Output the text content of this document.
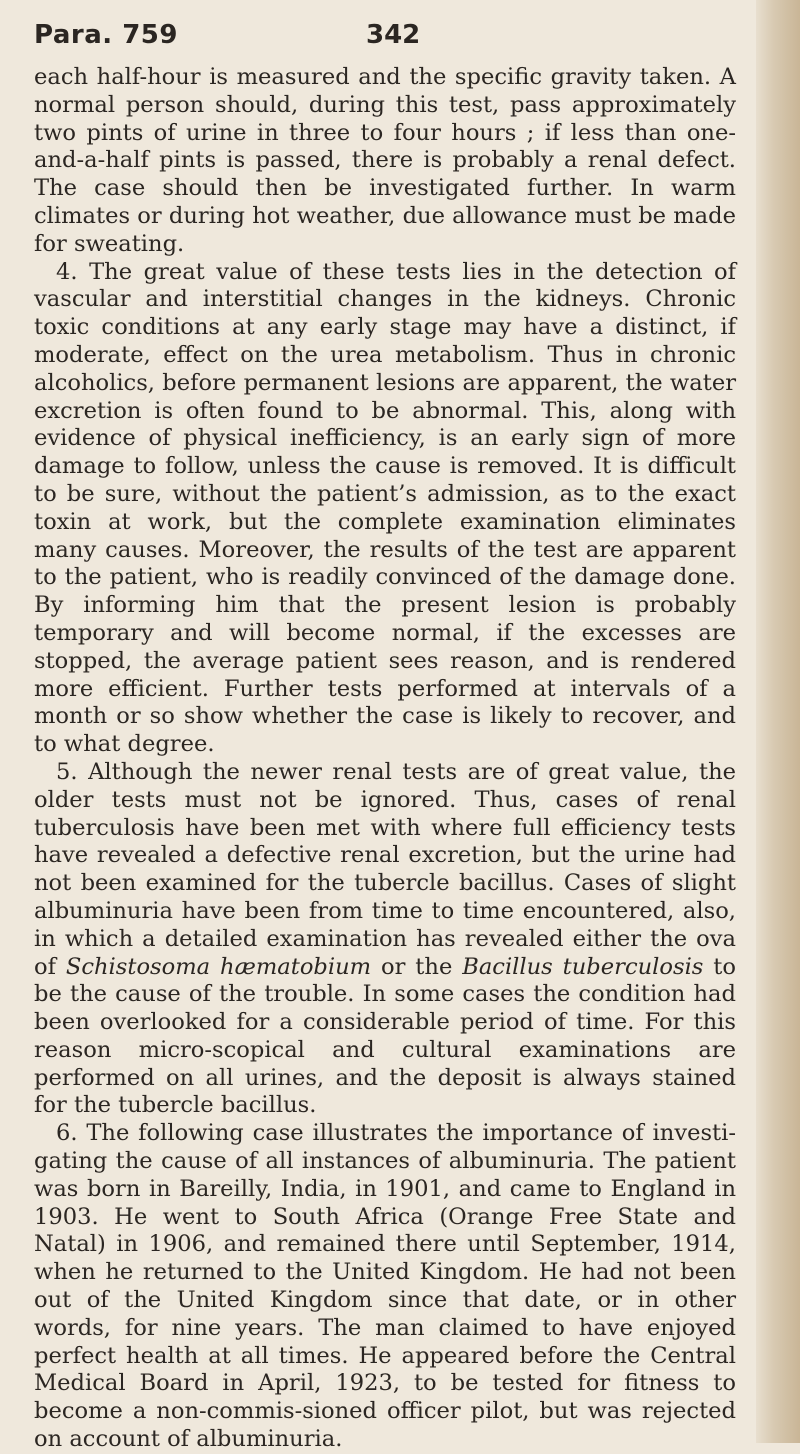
Para. 759	342

each half-hour is measured and the specific gravity taken. A normal person should, during this test, pass approximately two pints of urine in three to four hours ; if less than one-and-a-half pints is passed, there is probably a renal defect. The case should then be investigated further. In warm climates or during hot weather, due allowance must be made for sweating.

4. The great value of these tests lies in the detection of vascular and interstitial changes in the kidneys. Chronic toxic conditions at any early stage may have a distinct, if moderate, effect on the urea metabolism. Thus in chronic alcoholics, before permanent lesions are apparent, the water excretion is often found to be abnormal. This, along with evidence of physical inefficiency, is an early sign of more damage to follow, unless the cause is removed. It is difficult to be sure, without the patient’s admission, as to the exact toxin at work, but the complete examination eliminates many causes. Moreover, the results of the test are apparent to the patient, who is readily convinced of the damage done. By informing him that the present lesion is probably temporary and will become normal, if the excesses are stopped, the average patient sees reason, and is rendered more efficient. Further tests performed at intervals of a month or so show whether the case is likely to recover, and to what degree.

5. Although the newer renal tests are of great value, the older tests must not be ignored. Thus, cases of renal tuberculosis have been met with where full efficiency tests have revealed a defective renal excretion, but the urine had not been examined for the tubercle bacillus. Cases of slight albuminuria have been from time to time encountered, also, in which a detailed examination has revealed either the ova of Schistosoma hæmatobium or the Bacillus tuberculosis to be the cause of the trouble. In some cases the condition had been overlooked for a considerable period of time. For this reason micro-scopical and cultural examinations are performed on all urines, and the deposit is always stained for the tubercle bacillus.

6. The following case illustrates the importance of investi-gating the cause of all instances of albuminuria. The patient was born in Bareilly, India, in 1901, and came to England in 1903. He went to South Africa (Orange Free State and Natal) in 1906, and remained there until September, 1914, when he returned to the United Kingdom. He had not been out of the United Kingdom since that date, or in other words, for nine years. The man claimed to have enjoyed perfect health at all times. He appeared before the Central Medical Board in April, 1923, to be tested for fitness to become a non-commis-sioned officer pilot, but was rejected on account of albuminuria.
